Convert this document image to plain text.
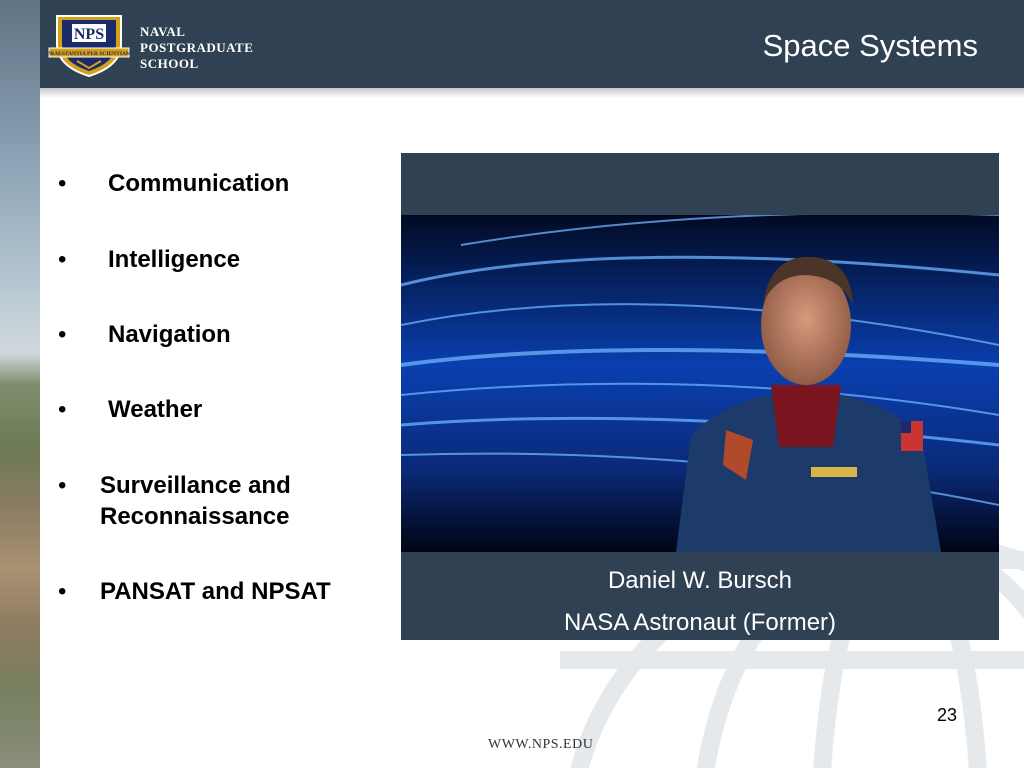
NPS
PRAESTANTIA PER SCIENTIAM
NAVAL
POSTGRADUATE
SCHOOL
Space Systems
• Communication
• Intelligence
• Navigation
• Weather
• Surveillance and
Reconnaissance
• PANSAT and NPSAT	Daniel W. Bursch
NASA Astronaut (Former)
23
WWW.NPS.EDU
